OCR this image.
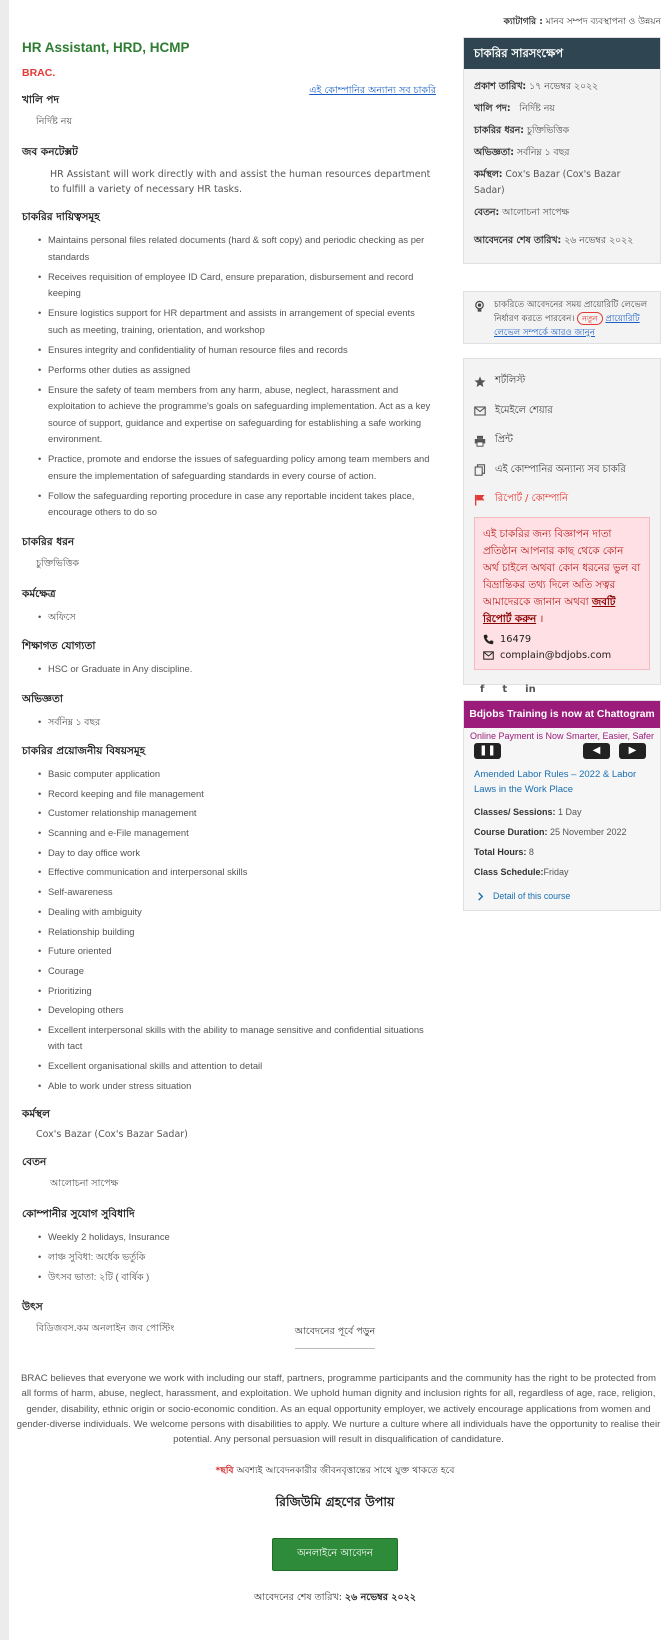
ক্যাটাগরি : মানব সম্পদ ব্যবস্থাপনা ও উন্নয়ন
HR Assistant, HRD, HCMP
BRAC.
এই কোম্পানির অন্যান্য সব চাকরি
খালি পদ
নির্দিষ্ট নয়
জব কনটেক্সট
HR Assistant will work directly with and assist the human resources department to fulfill a variety of necessary HR tasks.
চাকরির দায়িত্বসমূহ
• Maintains personal files related documents (hard & soft copy) and periodic checking as per standards
• Receives requisition of employee ID Card, ensure preparation, disbursement and record keeping
• Ensure logistics support for HR department and assists in arrangement of special events such as meeting, training, orientation, and workshop
• Ensures integrity and confidentiality of human resource files and records
• Performs other duties as assigned
• Ensure the safety of team members from any harm, abuse, neglect, harassment and exploitation to achieve the programme's goals on safeguarding implementation. Act as a key source of support, guidance and expertise on safeguarding for establishing a safe working environment.
• Practice, promote and endorse the issues of safeguarding policy among team members and ensure the implementation of safeguarding standards in every course of action.
• Follow the safeguarding reporting procedure in case any reportable incident takes place, encourage others to do so
চাকরির ধরন
চুক্তিভিত্তিক
কর্মক্ষেত্র
• অফিসে
শিক্ষাগত যোগ্যতা
• HSC or Graduate in Any discipline.
অভিজ্ঞতা
• সর্বনিম্ন ১ বছর
চাকরির প্রয়োজনীয় বিষয়সমূহ
• Basic computer application
• Record keeping and file management
• Customer relationship management
• Scanning and e-File management
• Day to day office work
• Effective communication and interpersonal skills
• Self-awareness
• Dealing with ambiguity
• Relationship building
• Future oriented
• Courage
• Prioritizing
• Developing others
• Excellent interpersonal skills with the ability to manage sensitive and confidential situations with tact
• Excellent organisational skills and attention to detail
• Able to work under stress situation
কর্মস্থল
Cox's Bazar (Cox's Bazar Sadar)
বেতন
আলোচনা সাপেক্ষ
কোম্পানীর সুযোগ সুবিধাদি
• Weekly 2 holidays, Insurance
• লাঞ্চ সুবিধা: অর্ধেক ভর্তুকি
• উৎসব ভাতা: ২টি ( বার্ষিক )
উৎস
বিডিজবস.কম অনলাইন জব পোস্টিং	আবেদনের পূর্বে পড়ুন
BRAC believes that everyone we work with including our staff, partners, programme participants and the community has the right to be protected from all forms of harm, abuse, neglect, harassment, and exploitation. We uphold human dignity and inclusion rights for all, regardless of age, race, religion, gender, disability, ethnic origin or socio-economic condition. As an equal opportunity employer, we actively encourage applications from women and gender-diverse individuals. We welcome persons with disabilities to apply. We nurture a culture where all individuals have the opportunity to realise their potential. Any personal persuasion will result in disqualification of candidature.
*ছবি অবশ্যই আবেদনকারীর জীবনবৃত্তান্তের সাথে যুক্ত থাকতে হবে
রিজিউমি গ্রহণের উপায়
অনলাইনে আবেদন
আবেদনের শেষ তারিখ: ২৬ নভেম্বর ২০২২
চাকরির সারসংক্ষেপ
প্রকাশ তারিখ: ১৭ নভেম্বর ২০২২
খালি পদ:   নির্দিষ্ট নয়
চাকরির ধরন: চুক্তিভিত্তিক
অভিজ্ঞতা: সর্বনিম্ন ১ বছর
কর্মস্থল: Cox's Bazar (Cox's Bazar Sadar)
বেতন: আলোচনা সাপেক্ষ
আবেদনের শেষ তারিখ: ২৬ নভেম্বর ২০২২
চাকরিতে আবেদনের সময় প্রায়োরিটি লেভেল নির্ধারণ করতে পারবেন। নতুন প্রায়োরিটি লেভেল সম্পর্কে আরও জানুন
শর্টলিস্ট
ইমেইলে শেয়ার
প্রিন্ট
এই কোম্পানির অন্যান্য সব চাকরি
রিপোর্ট / কোম্পানি
এই চাকরির জন্য বিজ্ঞাপন দাতা প্রতিষ্ঠান আপনার কাছ থেকে কোন অর্থ চাইলে অথবা কোন ধরনের ভুল বা বিভ্রান্তিকর তথ্য দিলে অতি সত্বর আমাদেরকে জানান অথবা জবটি রিপোর্ট করুন ।
16479
complain@bdjobs.com
f t in
Bdjobs Training is now at Chattogram
Online Payment is Now Smarter, Easier, Safer
❚❚	◀	▶
Amended Labor Rules – 2022 & Labor Laws in the Work Place
Classes/ Sessions: 1 Day
Course Duration: 25 November 2022
Total Hours: 8
Class Schedule:Friday
Detail of this course
